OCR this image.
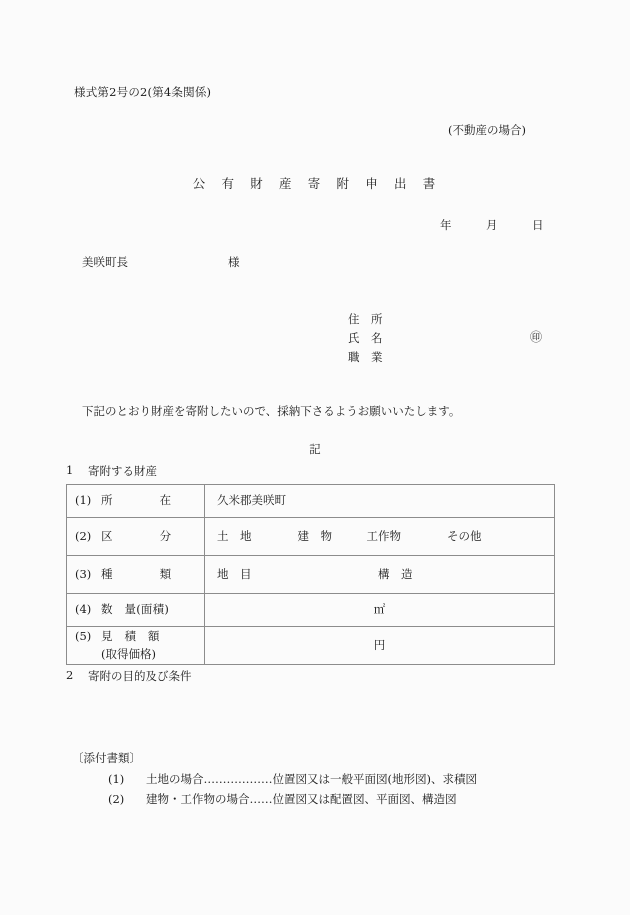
様式第2号の2(第4条関係)
(不動産の場合)
公　有　財　産　寄　附　申　出　書
年　　　月　　　日
美咲町長	様
住　所
氏　名
職　業
㊞
下記のとおり財産を寄附したいので、採納下さるようお願いいたします。
記
1 寄附する財産
(1) 所　　　　在	久米郡美咲町
(2) 区　　　　分	土　地　　　　建　物　　　工作物　　　　その他
(3) 種　　　　類	地　目　　　　　　　　　　　構　造
(4) 数　量(面積)	㎡
(5) 見　積　額
(取得価格)	円
2 寄附の目的及び条件
〔添付書類〕
(1) 土地の場合………………位置図又は一般平面図(地形図)、求積図
(2) 建物・工作物の場合……位置図又は配置図、平面図、構造図
